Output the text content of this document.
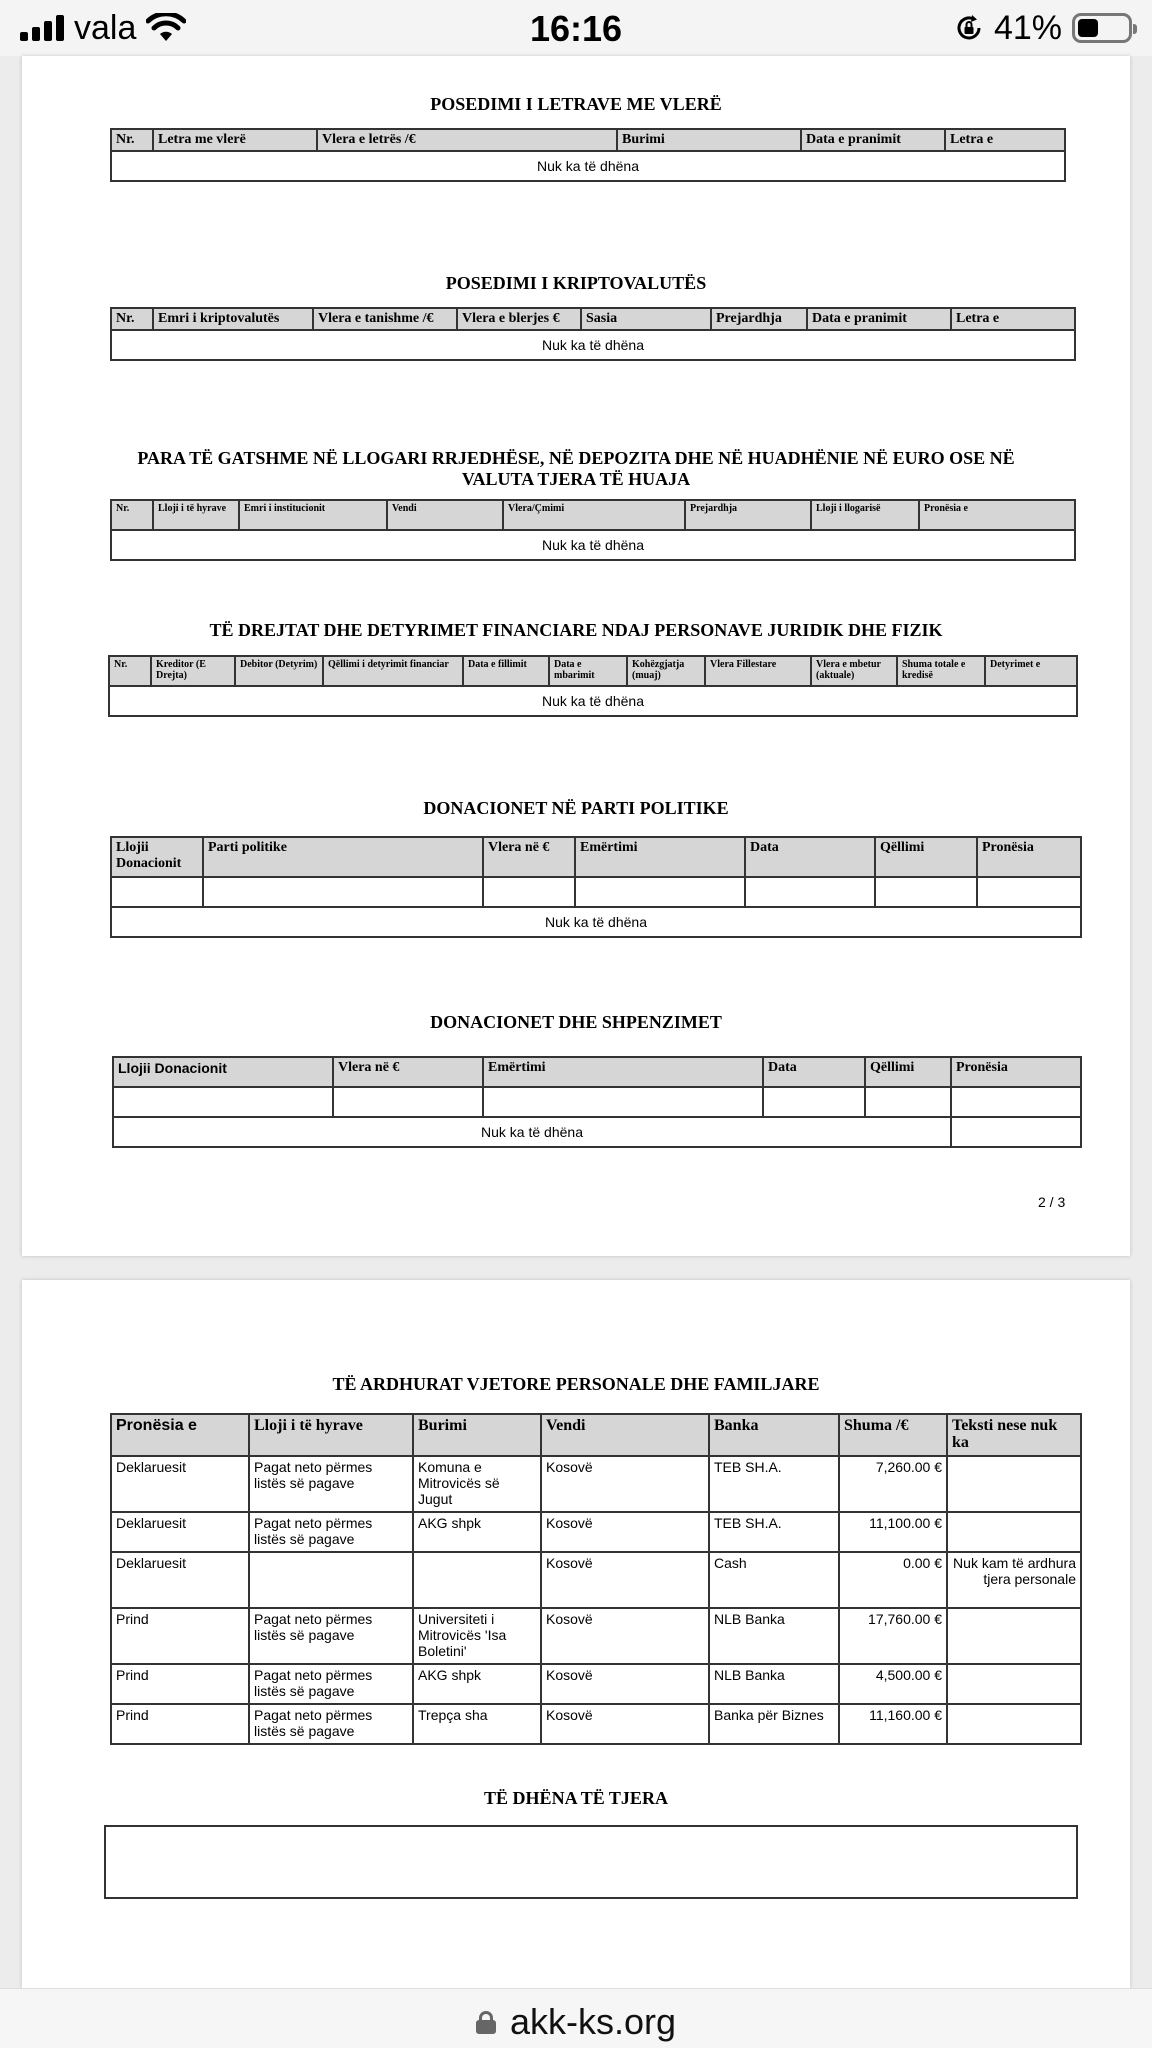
vala	16:16	41%
POSEDIMI I LETRAVE ME VLERË
Nr.	Letra me vlerë	Vlera e letrës /€	Burimi	Data e pranimit	Letra e
Nuk ka të dhëna
POSEDIMI I KRIPTOVALUTËS
Nr.	Emri i kriptovalutës	Vlera e tanishme /€	Vlera e blerjes €	Sasia	Prejardhja	Data e pranimit	Letra e
Nuk ka të dhëna
PARA TË GATSHME NË LLOGARI RRJEDHËSE, NË DEPOZITA DHE NË HUADHËNIE NË EURO OSE NË
VALUTA TJERA TË HUAJA
Nr.	Lloji i të hyrave	Emri i institucionit	Vendi	Vlera/Çmimi	Prejardhja	Lloji i llogarisë	Pronësia e
Nuk ka të dhëna
TË DREJTAT DHE DETYRIMET FINANCIARE NDAJ PERSONAVE JURIDIK DHE FIZIK
Nr.	Kreditor (E Drejta)	Debitor (Detyrim)	Qëllimi i detyrimit financiar	Data e fillimit	Data e mbarimit	Kohëzgjatja (muaj)	Vlera Fillestare	Vlera e mbetur (aktuale)	Shuma totale e kredisë	Detyrimet e
Nuk ka të dhëna
DONACIONET NË PARTI POLITIKE
Llojii Donacionit	Parti politike	Vlera në €	Emërtimi	Data	Qëllimi	Pronësia

Nuk ka të dhëna						
DONACIONET DHE SHPENZIMET
Llojii Donacionit	Vlera në €	Emërtimi	Data	Qëllimi	Pronësia

Nuk ka të dhëna					
2 / 3
TË ARDHURAT VJETORE PERSONALE DHE FAMILJARE
Pronësia e	Lloji i të hyrave	Burimi	Vendi	Banka	Shuma /€	Teksti nese nuk ka
Deklaruesit	Pagat neto përmes listës së pagave	Komuna e Mitrovicës së Jugut	Kosovë	TEB SH.A.	7,260.00 €	
Deklaruesit	Pagat neto përmes listës së pagave	AKG shpk	Kosovë	TEB SH.A.	11,100.00 €	
Deklaruesit			Kosovë	Cash	0.00 €	Nuk kam të ardhura tjera personale
Prind	Pagat neto përmes listës së pagave	Universiteti i Mitrovicës 'Isa Boletini'	Kosovë	NLB Banka	17,760.00 €	
Prind	Pagat neto përmes listës së pagave	AKG shpk	Kosovë	NLB Banka	4,500.00 €	
Prind	Pagat neto përmes listës së pagave	Trepça sha	Kosovë	Banka për Biznes	11,160.00 €	
TË DHËNA TË TJERA
akk-ks.org
